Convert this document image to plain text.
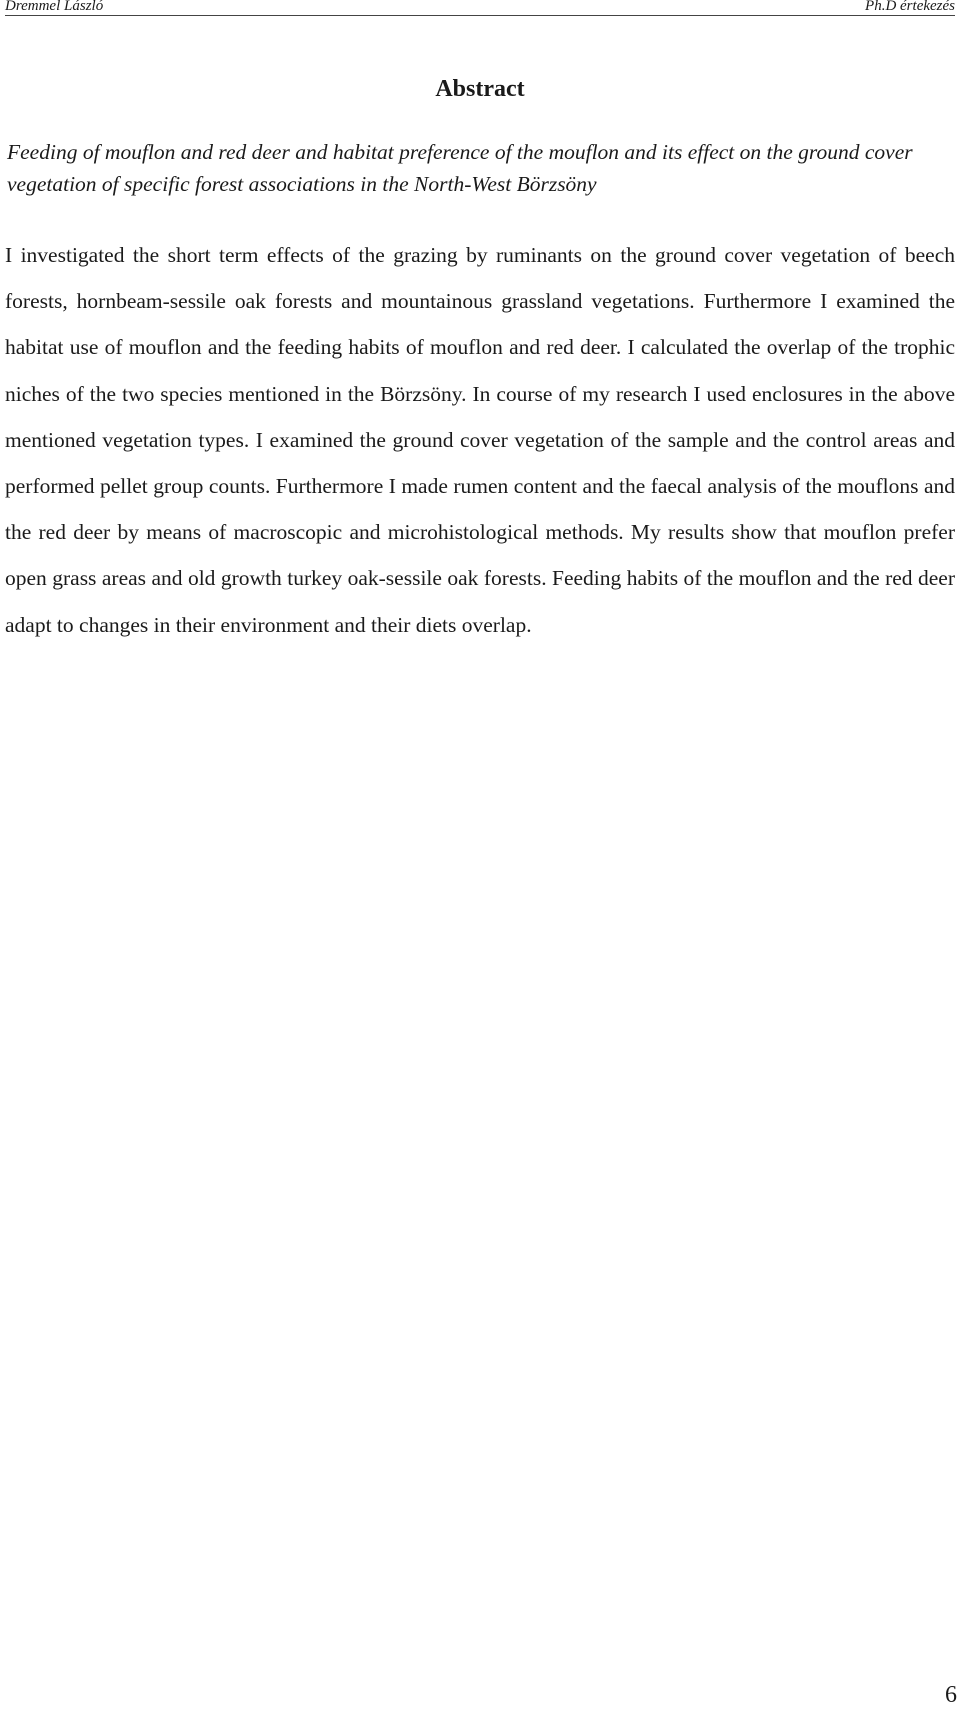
Dremmel László	Ph.D értekezés
Abstract
Feeding of mouflon and red deer and habitat preference of the mouflon and its effect on the ground cover vegetation of specific forest associations in the North-West Börzsöny
I investigated the short term effects of the grazing by ruminants on the ground cover vegetation of beech forests, hornbeam-sessile oak forests and mountainous grassland vegetations. Furthermore I examined the habitat use of mouflon and the feeding habits of mouflon and red deer. I calculated the overlap of the trophic niches of the two species mentioned in the Börzsöny. In course of my research I used enclosures in the above mentioned vegetation types. I examined the ground cover vegetation of the sample and the control areas and performed pellet group counts. Furthermore I made rumen content and the faecal analysis of the mouflons and the red deer by means of macroscopic and microhistological methods. My results show that mouflon prefer open grass areas and old growth turkey oak-sessile oak forests. Feeding habits of the mouflon and the red deer adapt to changes in their environment and their diets overlap.
6
